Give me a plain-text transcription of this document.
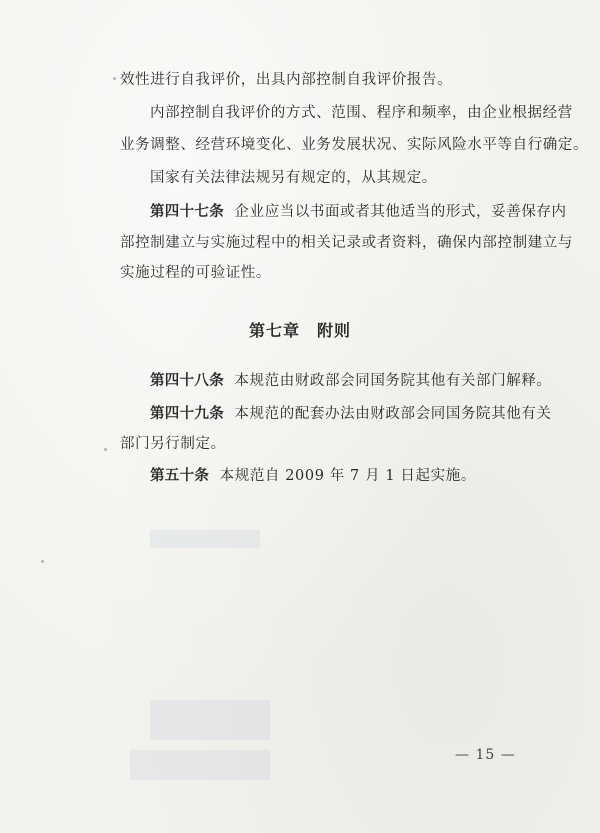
效性进行自我评价，出具内部控制自我评价报告。
内部控制自我评价的方式、范围、程序和频率，由企业根据经营
业务调整、经营环境变化、业务发展状况、实际风险水平等自行确定。
国家有关法律法规另有规定的，从其规定。
第四十七条 企业应当以书面或者其他适当的形式，妥善保存内
部控制建立与实施过程中的相关记录或者资料，确保内部控制建立与
实施过程的可验证性。
第七章　附则
第四十八条 本规范由财政部会同国务院其他有关部门解释。
第四十九条 本规范的配套办法由财政部会同国务院其他有关
部门另行制定。
第五十条 本规范自 2009 年 7 月 1 日起实施。
— 15 —
